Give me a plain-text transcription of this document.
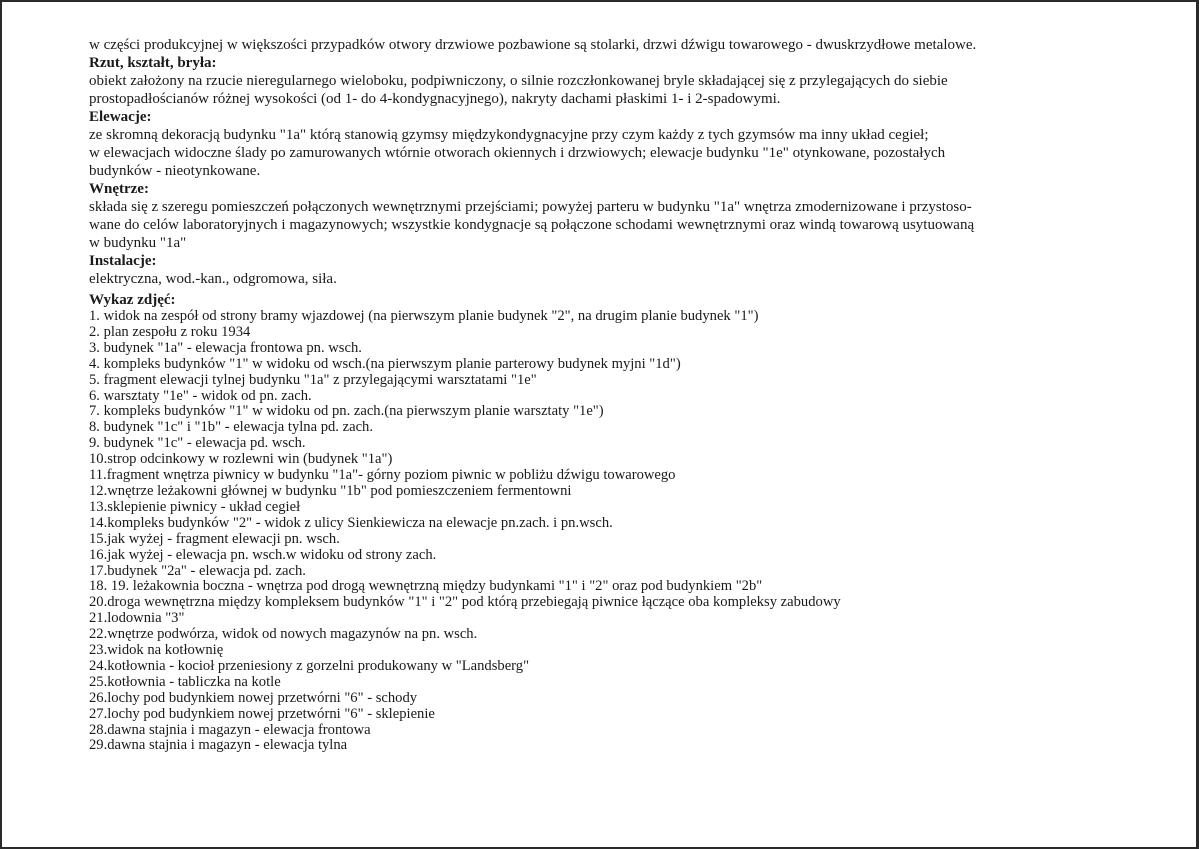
w części produkcyjnej w większości przypadków otwory drzwiowe pozbawione są stolarki, drzwi dźwigu towarowego - dwuskrzydłowe metalowe.

Rzut, kształt, bryła:

obiekt założony na rzucie nieregularnego wieloboku, podpiwniczony, o silnie rozczłonkowanej bryle składającej się z przylegających do siebie

prostopadłościanów różnej wysokości (od 1- do 4-kondygnacyjnego), nakryty dachami płaskimi 1- i 2-spadowymi.

Elewacje:

ze skromną dekoracją budynku "1a" którą stanowią gzymsy międzykondygnacyjne przy czym każdy z tych gzymsów ma inny układ cegieł;

w elewacjach widoczne ślady po zamurowanych wtórnie otworach okiennych i drzwiowych; elewacje budynku "1e" otynkowane, pozostałych

budynków - nieotynkowane.

Wnętrze:

składa się z szeregu pomieszczeń połączonych wewnętrznymi przejściami; powyżej parteru w budynku "1a" wnętrza zmodernizowane i przystoso-

wane do celów laboratoryjnych i magazynowych; wszystkie kondygnacje są połączone schodami wewnętrznymi oraz windą towarową usytuowaną

w budynku "1a"

Instalacje:

elektryczna, wod.-kan., odgromowa, siła.

Wykaz zdjęć:

1. widok na zespół od strony bramy wjazdowej (na pierwszym planie budynek "2", na drugim planie budynek "1")
2. plan zespołu z roku 1934
3. budynek "1a" - elewacja frontowa pn. wsch.
4. kompleks budynków "1" w widoku od wsch.(na pierwszym planie parterowy budynek myjni "1d")
5. fragment elewacji tylnej budynku "1a" z przylegającymi warsztatami "1e"
6. warsztaty "1e" - widok od pn. zach.
7. kompleks budynków "1" w widoku od pn. zach.(na pierwszym planie warsztaty "1e")
8. budynek "1c" i "1b" - elewacja tylna pd. zach.
9. budynek "1c" - elewacja pd. wsch.
10.strop odcinkowy w rozlewni win (budynek "1a")
11.fragment wnętrza piwnicy w budynku "1a"- górny poziom piwnic w pobliżu dźwigu towarowego
12.wnętrze leżakowni głównej w budynku "1b" pod pomieszczeniem fermentowni
13.sklepienie piwnicy - układ cegieł
14.kompleks budynków "2" - widok z ulicy Sienkiewicza na elewacje pn.zach. i pn.wsch.
15.jak wyżej - fragment elewacji pn. wsch.
16.jak wyżej - elewacja pn. wsch.w widoku od strony zach.
17.budynek "2a" - elewacja pd. zach.
18. 19. leżakownia boczna - wnętrza pod drogą wewnętrzną między budynkami "1" i "2" oraz pod budynkiem "2b"
20.droga wewnętrzna między kompleksem budynków "1" i "2" pod którą przebiegają piwnice łączące oba kompleksy zabudowy
21.lodownia "3"
22.wnętrze podwórza, widok od nowych magazynów na pn. wsch.
23.widok na kotłownię
24.kotłownia - kocioł przeniesiony z gorzelni produkowany w "Landsberg"
25.kotłownia - tabliczka na kotle
26.lochy pod budynkiem nowej przetwórni "6" - schody
27.lochy pod budynkiem nowej przetwórni "6" - sklepienie
28.dawna stajnia i magazyn - elewacja frontowa
29.dawna stajnia i magazyn - elewacja tylna
